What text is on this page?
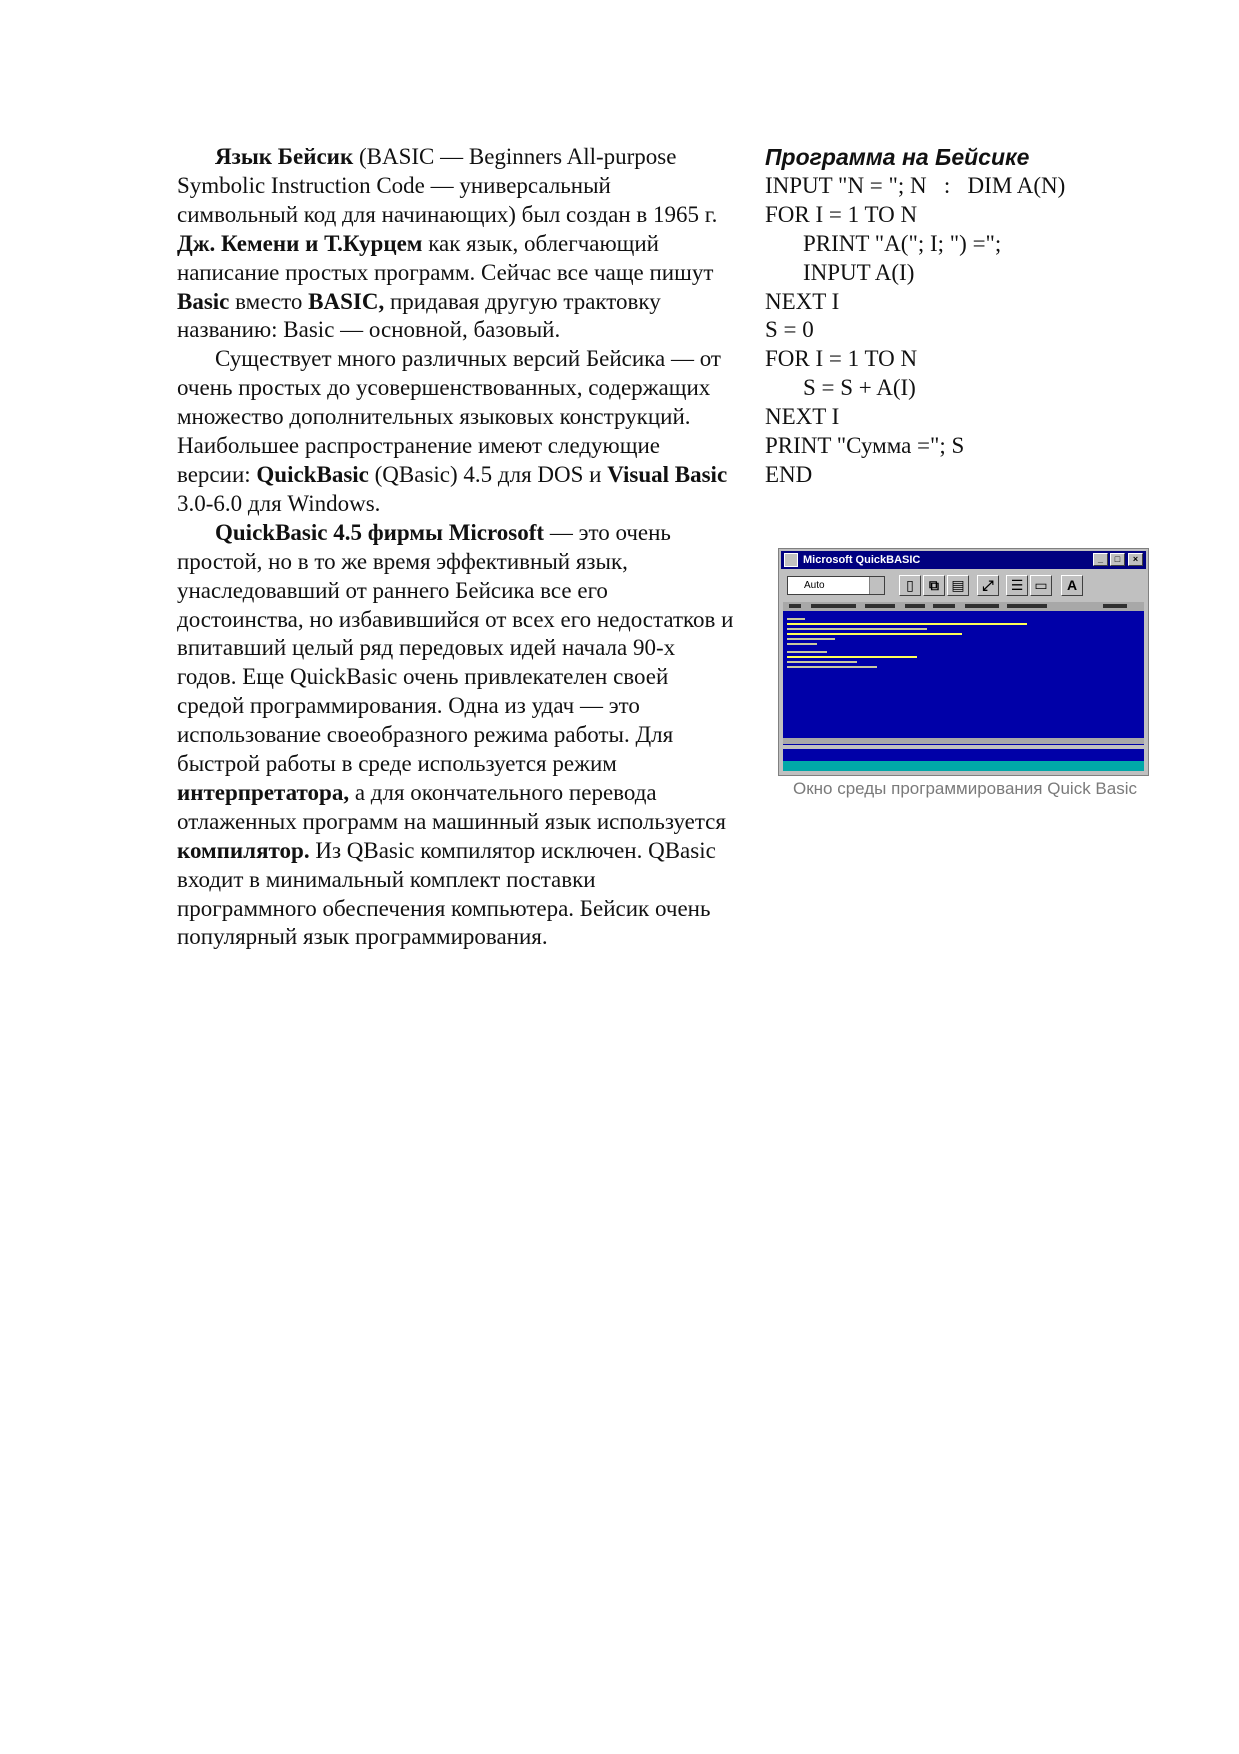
Язык Бейсик (BASIC — Beginners All-purpose Symbolic Instruction Code — универсальный символьный код для начинающих) был создан в 1965 г. Дж. Кемени и Т.Курцем как язык, облегчающий написание простых программ. Сейчас все чаще пишут Basic вместо BASIC, придавая другую трактовку названию: Basic — основной, базовый.

Существует много различных версий Бейсика — от очень простых до усовершенствованных, содержащих множество дополнительных языковых конструкций. Наибольшее распространение имеют следующие версии: QuickBasic (QBasic) 4.5 для DOS и Visual Basic 3.0-6.0 для Windows.

QuickBasic 4.5 фирмы Microsoft — это очень простой, но в то же время эффективный язык, унаследовавший от раннего Бейсика все его достоинства, но избавившийся от всех его недостатков и впитавший целый ряд передовых идей начала 90-х годов. Еще QuickBasic очень привлекателен своей средой программирования. Одна из удач — это использование своеобразного режима работы. Для быстрой работы в среде используется режим интерпретатора, а для окончательного перевода отлаженных программ на машинный язык используется компилятор. Из QBasic компилятор исключен. QBasic входит в минимальный комплект поставки программного обеспечения компьютера. Бейсик очень популярный язык программирования.

Программа на Бейсике
INPUT "N = "; N   :   DIM A(N)
FOR I = 1 TO N
PRINT "A("; I; ") =";
INPUT A(I)
NEXT I
S = 0
FOR I = 1 TO N
S = S + A(I)
NEXT I
PRINT "Сумма ="; S
END
Microsoft QuickBASIC	_	□	×
Auto	▯	⧉ ▤	⤢	☰ ▭	A
Окно среды программирования Quick Basic
